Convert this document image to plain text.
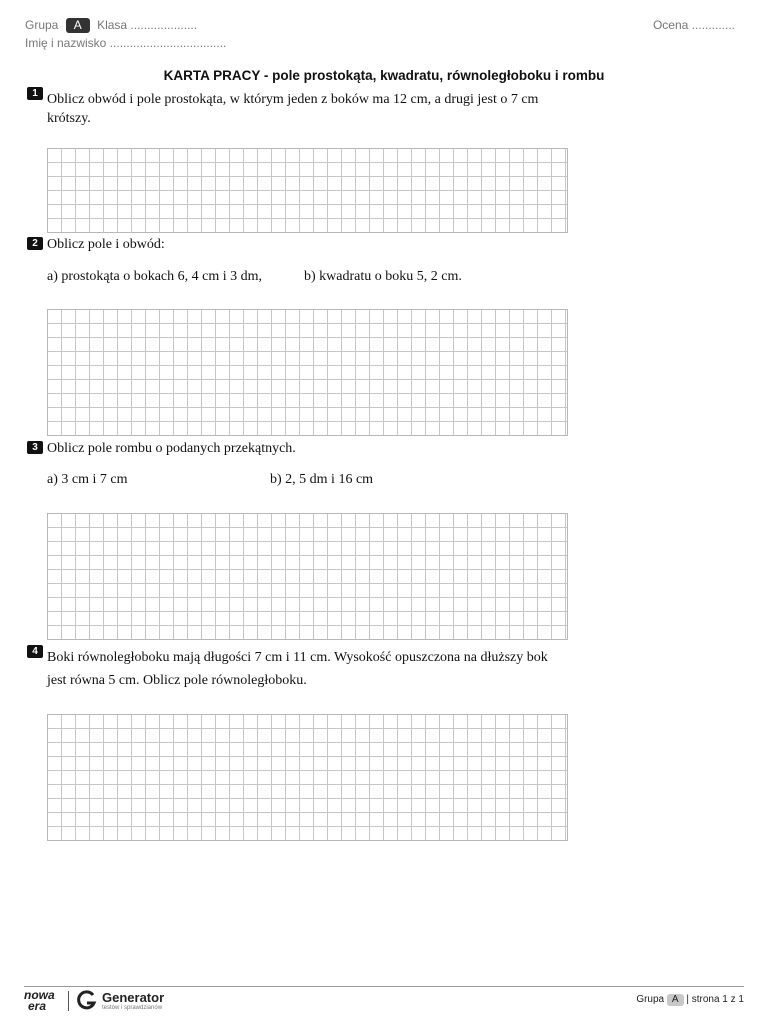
Grupa A Klasa ....................	Ocena .............
Imię i nazwisko ...................................
KARTA PRACY - pole prostokąta, kwadratu, równoległoboku i rombu
1 Oblicz obwód i pole prostokąta, w którym jeden z boków ma 12 cm, a drugi jest o 7 cm
krótszy.
2 Oblicz pole i obwód:
a) prostokąta o bokach 6, 4 cm i 3 dm,	b) kwadratu o boku 5, 2 cm.
3 Oblicz pole rombu o podanych przekątnych.
a) 3 cm i 7 cm	b) 2, 5 dm i 16 cm
4 Boki równoległoboku mają długości 7 cm i 11 cm. Wysokość opuszczona na dłuższy bok
jest równa 5 cm. Oblicz pole równoległoboku.
nowa
era
Generator
testów i sprawdzianów
Grupa A | strona 1 z 1
